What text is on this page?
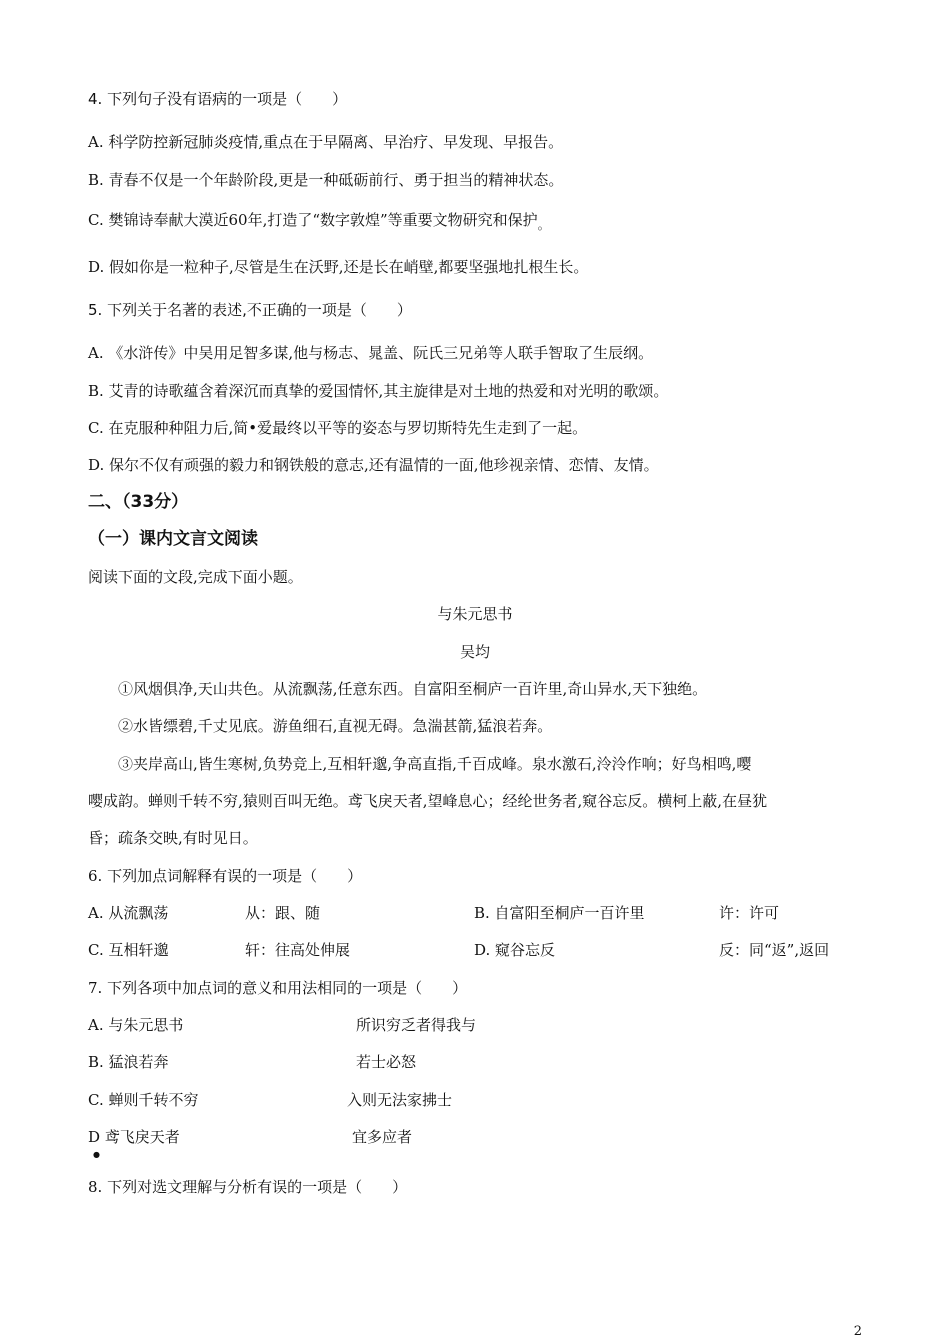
4. 下列句子没有语病的一项是（　　）
A. 科学防控新冠肺炎疫情,重点在于早隔离、早治疗、早发现、早报告。
B. 青春不仅是一个年龄阶段,更是一种砥砺前行、勇于担当的精神状态。
C. 樊锦诗奉献大漠近60年,打造了“数字敦煌”等重要文物研究和保护$_。$
D. 假如你是一粒种子,尽管是生在沃野,还是长在峭壁,都要坚强地扎根生长。
5. 下列关于名著的表述,不正确的一项是（　　）
A. 《水浒传》中吴用足智多谋,他与杨志、晁盖、阮氏三兄弟等人联手智取了生辰纲。
B. 艾青的诗歌蕴含着深沉而真挚的爱国情怀,其主旋律是对土地的热爱和对光明的歌颂。
C. 在克服种种阻力后,简•爱最终以平等的姿态与罗切斯特先生走到了一起。
D. 保尔不仅有顽强的毅力和钢铁般的意志,还有温情的一面,他珍视亲情、恋情、友情。
二、（33分）
（一）课内文言文阅读
阅读下面的文段,完成下面小题。
与朱元思书
吴均
①风烟俱净,天山共色。从流飘荡,任意东西。自富阳至桐庐一百许里,奇山异水,天下独绝。
②水皆缥碧,千丈见底。游鱼细石,直视无碍。急湍甚箭,猛浪若奔。
③夹岸高山,皆生寒树,负势竞上,互相轩邈,争高直指,千百成峰。泉水激石,泠泠作响；好鸟相鸣,嘤
嘤成韵。蝉则千转不穷,猿则百叫无绝。鸢飞戾天者,望峰息心；经纶世务者,窥谷忘反。横柯上蔽,在昼犹
昏；疏条交映,有时见日。
6. 下列加点词解释有误的一项是（　　）
A. 从流飘荡	从：跟、随	B. 自富阳至桐庐一百许里	许：许可
C. 互相轩邈	轩：往高处伸展	D. 窥谷忘反	反：同“返”,返回
7. 下列各项中加点词的意义和用法相同的一项是（　　）
A. 与朱元思书	所识穷乏者得我与
B. 猛浪若奔	若士必怒
C. 蝉则千转不穷	入则无法家拂士
D 鸢飞戾天者	宜多应者
●
8. 下列对选文理解与分析有误的一项是（　　）
2
